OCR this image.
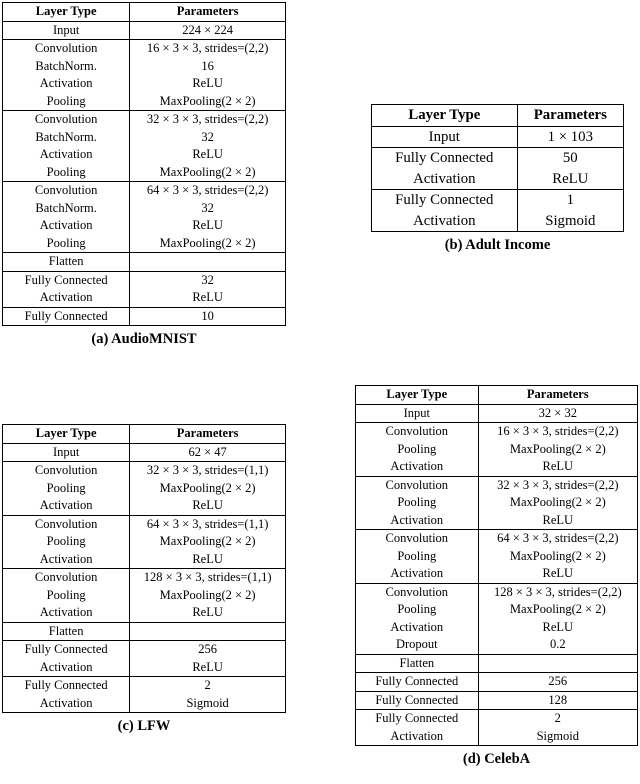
Layer Type	Parameters
Input	224 × 224
Convolution	16 × 3 × 3, strides=(2,2)
BatchNorm.	16
Activation	ReLU
Pooling	MaxPooling(2 × 2)
Convolution	32 × 3 × 3, strides=(2,2)
BatchNorm.	32
Activation	ReLU
Pooling	MaxPooling(2 × 2)
Convolution	64 × 3 × 3, strides=(2,2)
BatchNorm.	32
Activation	ReLU
Pooling	MaxPooling(2 × 2)
Flatten	
Fully Connected	32
Activation	ReLU
Fully Connected	10
(a) AudioMNIST
Layer Type	Parameters
Input	1 × 103
Fully Connected	50
Activation	ReLU
Fully Connected	1
Activation	Sigmoid
(b) Adult Income
Layer Type	Parameters
Input	62 × 47
Convolution	32 × 3 × 3, strides=(1,1)
Pooling	MaxPooling(2 × 2)
Activation	ReLU
Convolution	64 × 3 × 3, strides=(1,1)
Pooling	MaxPooling(2 × 2)
Activation	ReLU
Convolution	128 × 3 × 3, strides=(1,1)
Pooling	MaxPooling(2 × 2)
Activation	ReLU
Flatten	
Fully Connected	256
Activation	ReLU
Fully Connected	2
Activation	Sigmoid
(c) LFW
Layer Type	Parameters
Input	32 × 32
Convolution	16 × 3 × 3, strides=(2,2)
Pooling	MaxPooling(2 × 2)
Activation	ReLU
Convolution	32 × 3 × 3, strides=(2,2)
Pooling	MaxPooling(2 × 2)
Activation	ReLU
Convolution	64 × 3 × 3, strides=(2,2)
Pooling	MaxPooling(2 × 2)
Activation	ReLU
Convolution	128 × 3 × 3, strides=(2,2)
Pooling	MaxPooling(2 × 2)
Activation	ReLU
Dropout	0.2
Flatten	
Fully Connected	256
Fully Connected	128
Fully Connected	2
Activation	Sigmoid
(d) CelebA
